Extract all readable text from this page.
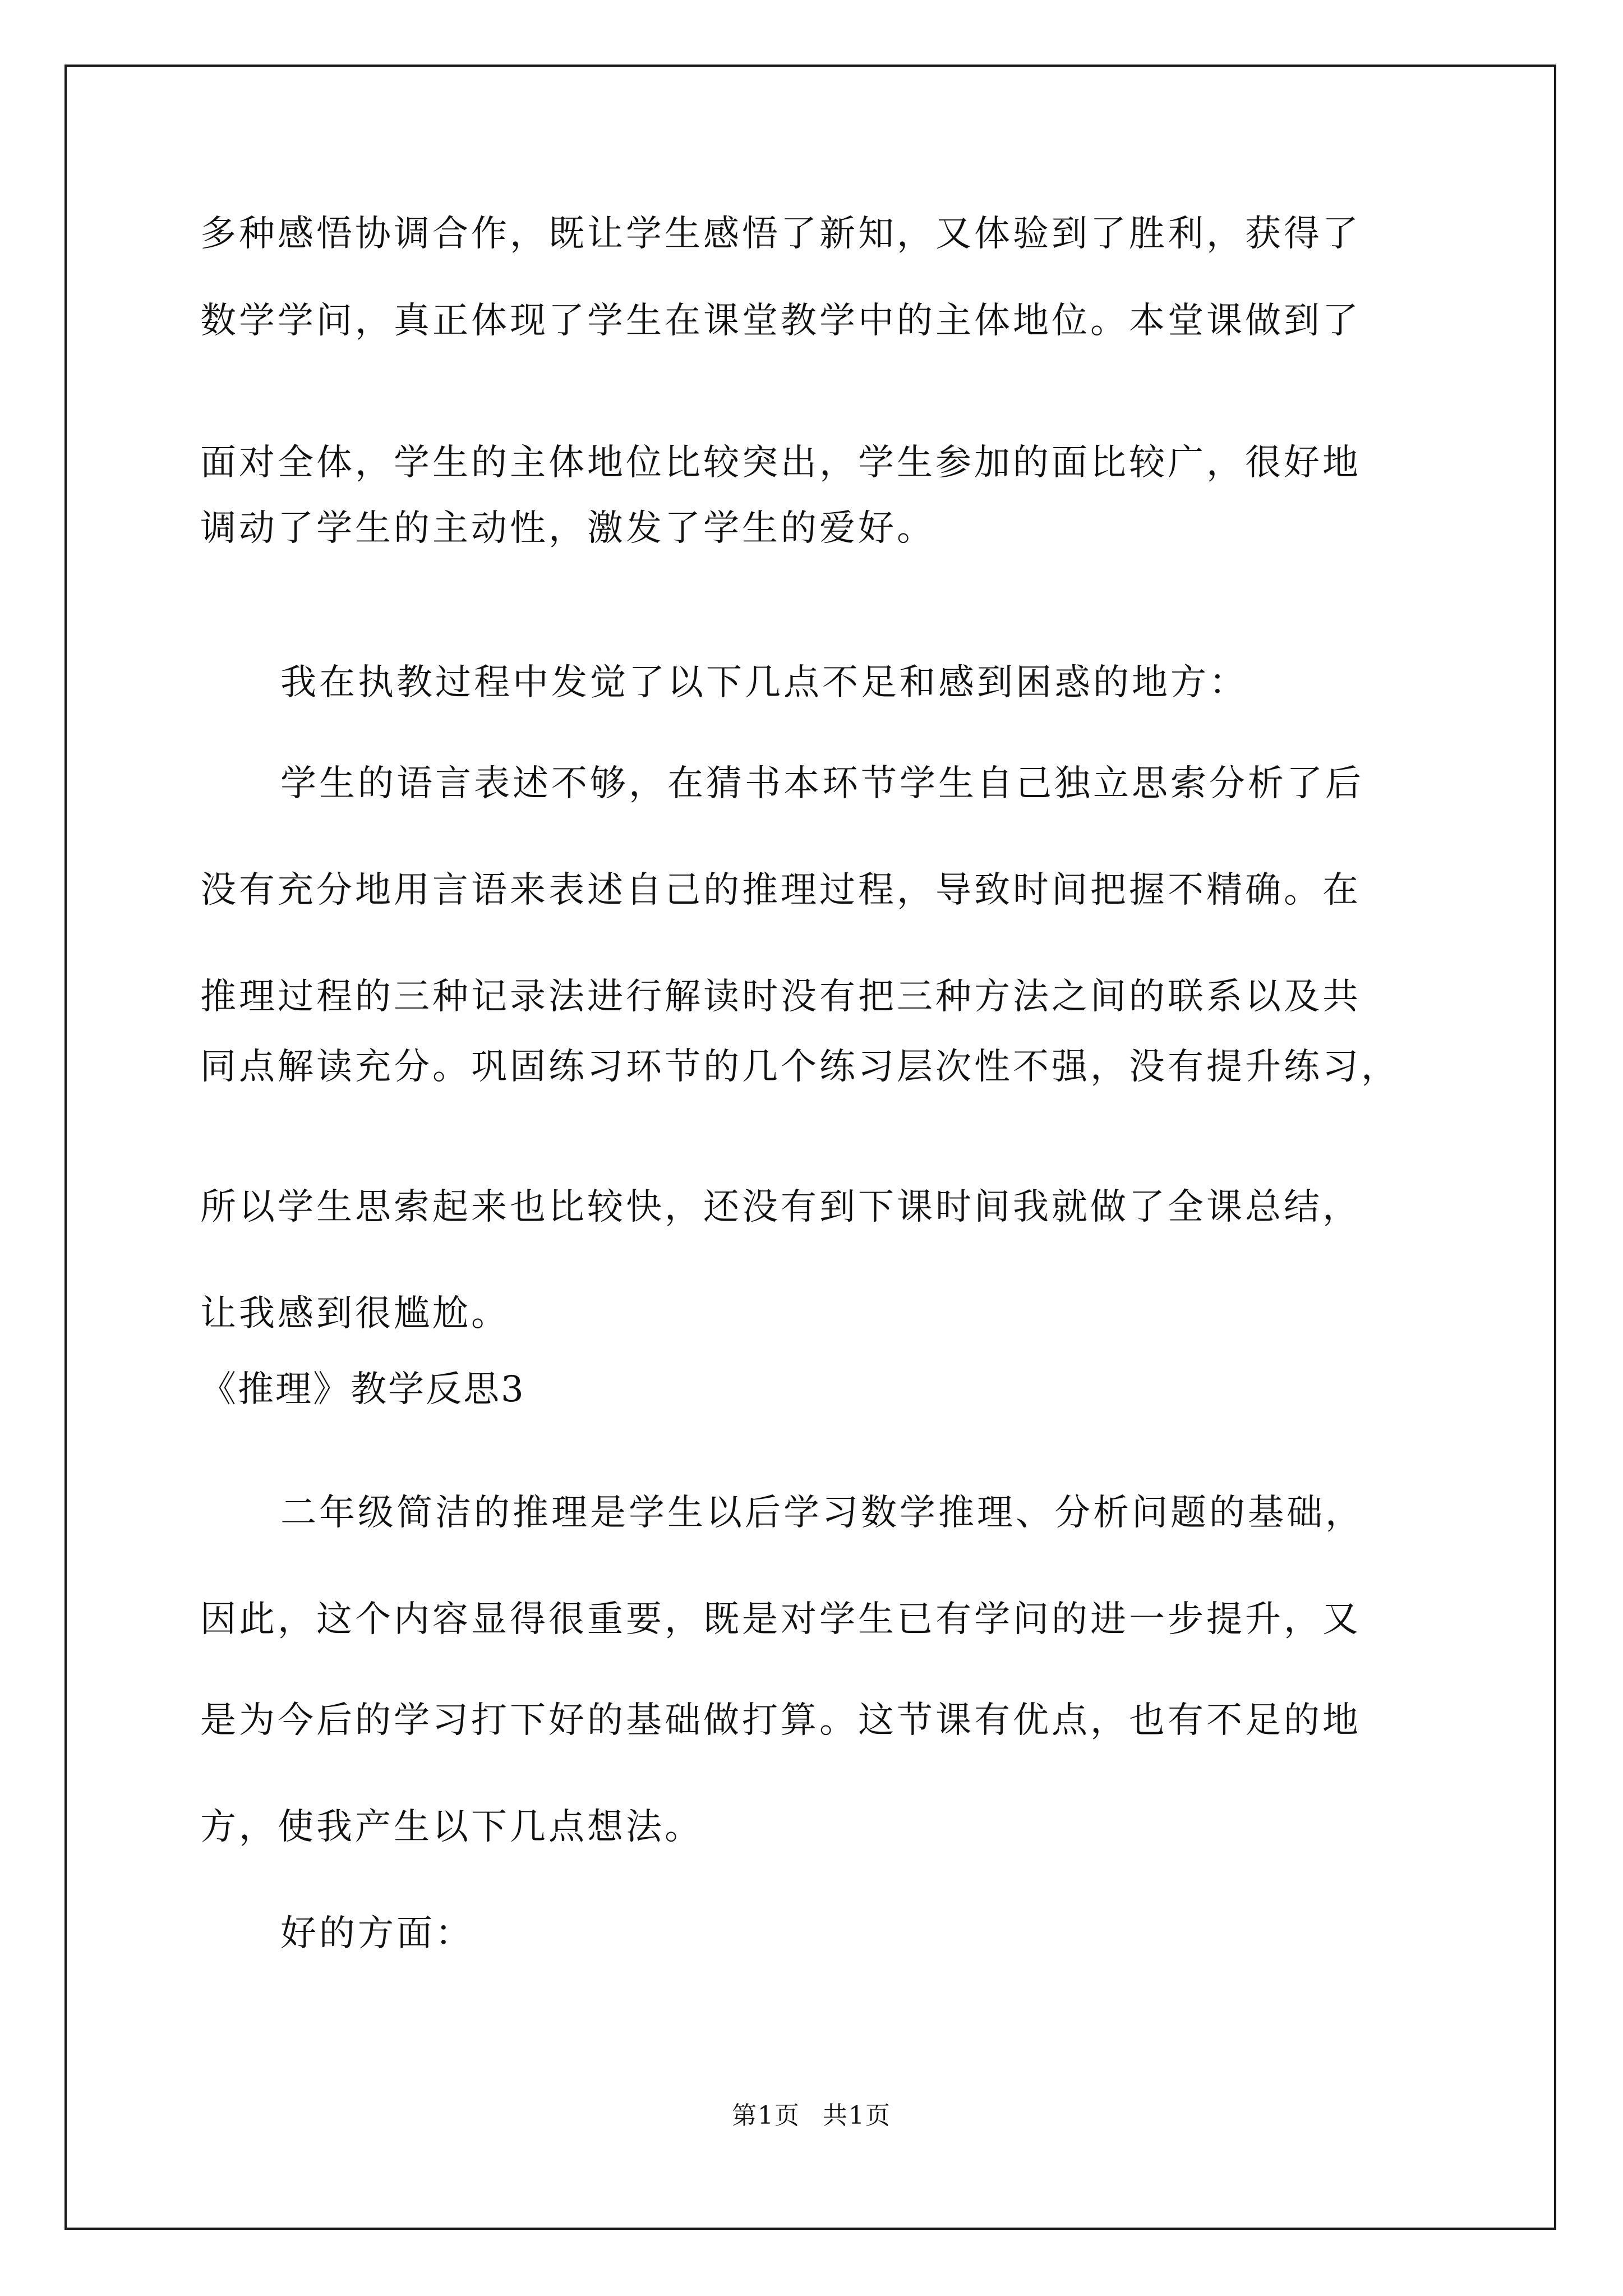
多种感悟协调合作，既让学生感悟了新知，又体验到了胜利，获得了
数学学问，真正体现了学生在课堂教学中的主体地位。本堂课做到了
面对全体，学生的主体地位比较突出，学生参加的面比较广，很好地
调动了学生的主动性，激发了学生的爱好。
我在执教过程中发觉了以下几点不足和感到困惑的地方：
学生的语言表述不够，在猜书本环节学生自己独立思索分析了后
没有充分地用言语来表述自己的推理过程，导致时间把握不精确。在
推理过程的三种记录法进行解读时没有把三种方法之间的联系以及共
同点解读充分。巩固练习环节的几个练习层次性不强，没有提升练习，
所以学生思索起来也比较快，还没有到下课时间我就做了全课总结，
让我感到很尴尬。
《推理》教学反思3
二年级简洁的推理是学生以后学习数学推理、分析问题的基础，
因此，这个内容显得很重要，既是对学生已有学问的进一步提升，又
是为今后的学习打下好的基础做打算。这节课有优点，也有不足的地
方，使我产生以下几点想法。
好的方面：
第1页 共1页
